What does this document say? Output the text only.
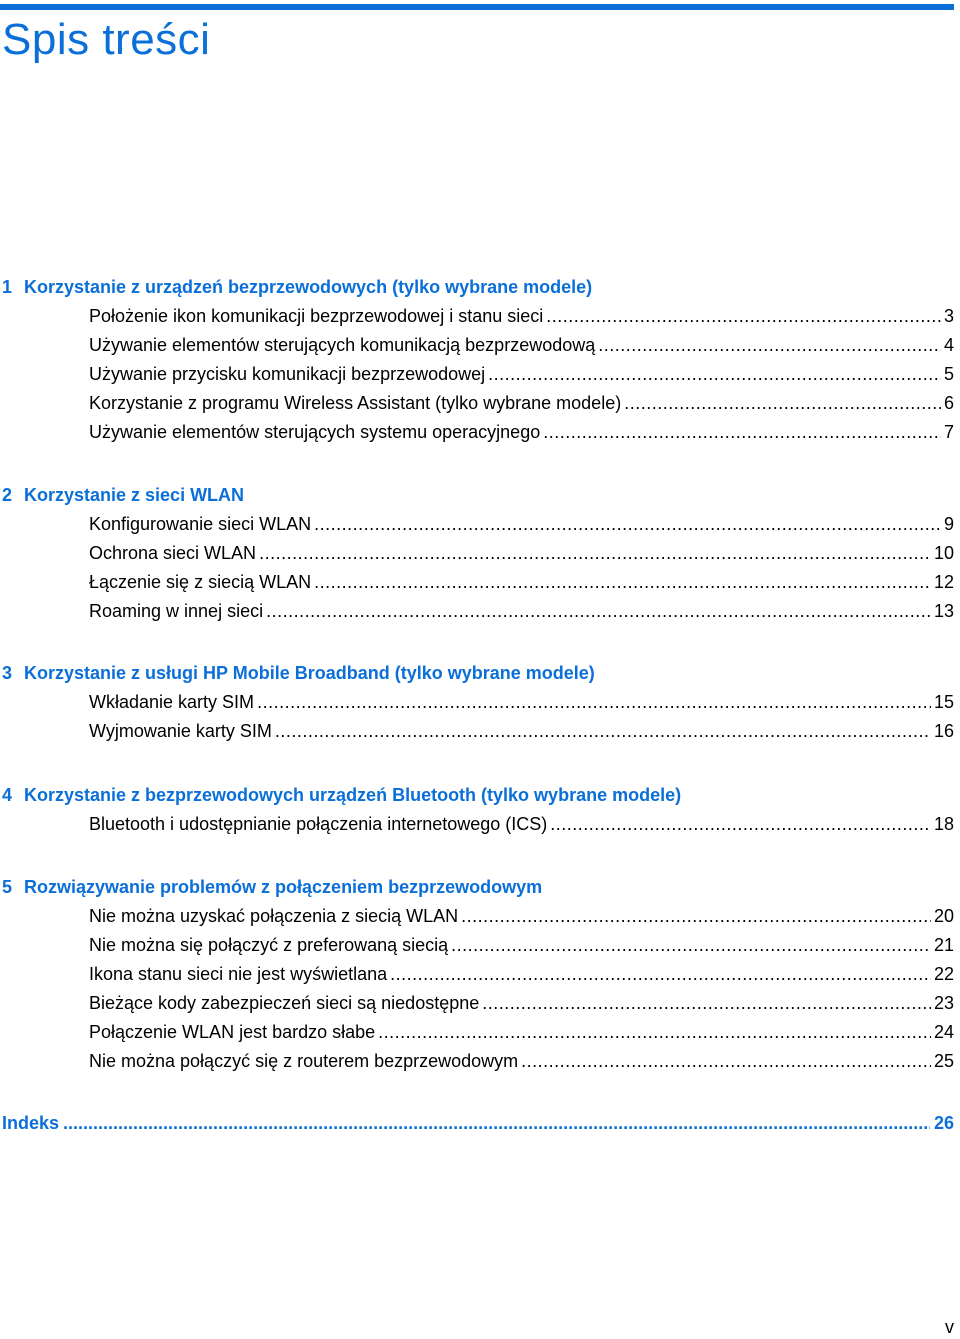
Spis treści
1 Korzystanie z urządzeń bezprzewodowych (tylko wybrane modele)
Położenie ikon komunikacji bezprzewodowej i stanu sieci .....	3
Używanie elementów sterujących komunikacją bezprzewodową .....	4
Używanie przycisku komunikacji bezprzewodowej .....	5
Korzystanie z programu Wireless Assistant (tylko wybrane modele) .....	6
Używanie elementów sterujących systemu operacyjnego .....	7
2 Korzystanie z sieci WLAN
Konfigurowanie sieci WLAN .....	9
Ochrona sieci WLAN .....	10
Łączenie się z siecią WLAN .....	12
Roaming w innej sieci .....	13
3 Korzystanie z usługi HP Mobile Broadband (tylko wybrane modele)
Wkładanie karty SIM .....	15
Wyjmowanie karty SIM .....	16
4 Korzystanie z bezprzewodowych urządzeń Bluetooth (tylko wybrane modele)
Bluetooth i udostępnianie połączenia internetowego (ICS) .....	18
5 Rozwiązywanie problemów z połączeniem bezprzewodowym
Nie można uzyskać połączenia z siecią WLAN .....	20
Nie można się połączyć z preferowaną siecią .....	21
Ikona stanu sieci nie jest wyświetlana .....	22
Bieżące kody zabezpieczeń sieci są niedostępne .....	23
Połączenie WLAN jest bardzo słabe .....	24
Nie można połączyć się z routerem bezprzewodowym .....	25
Indeks .....	26
v
